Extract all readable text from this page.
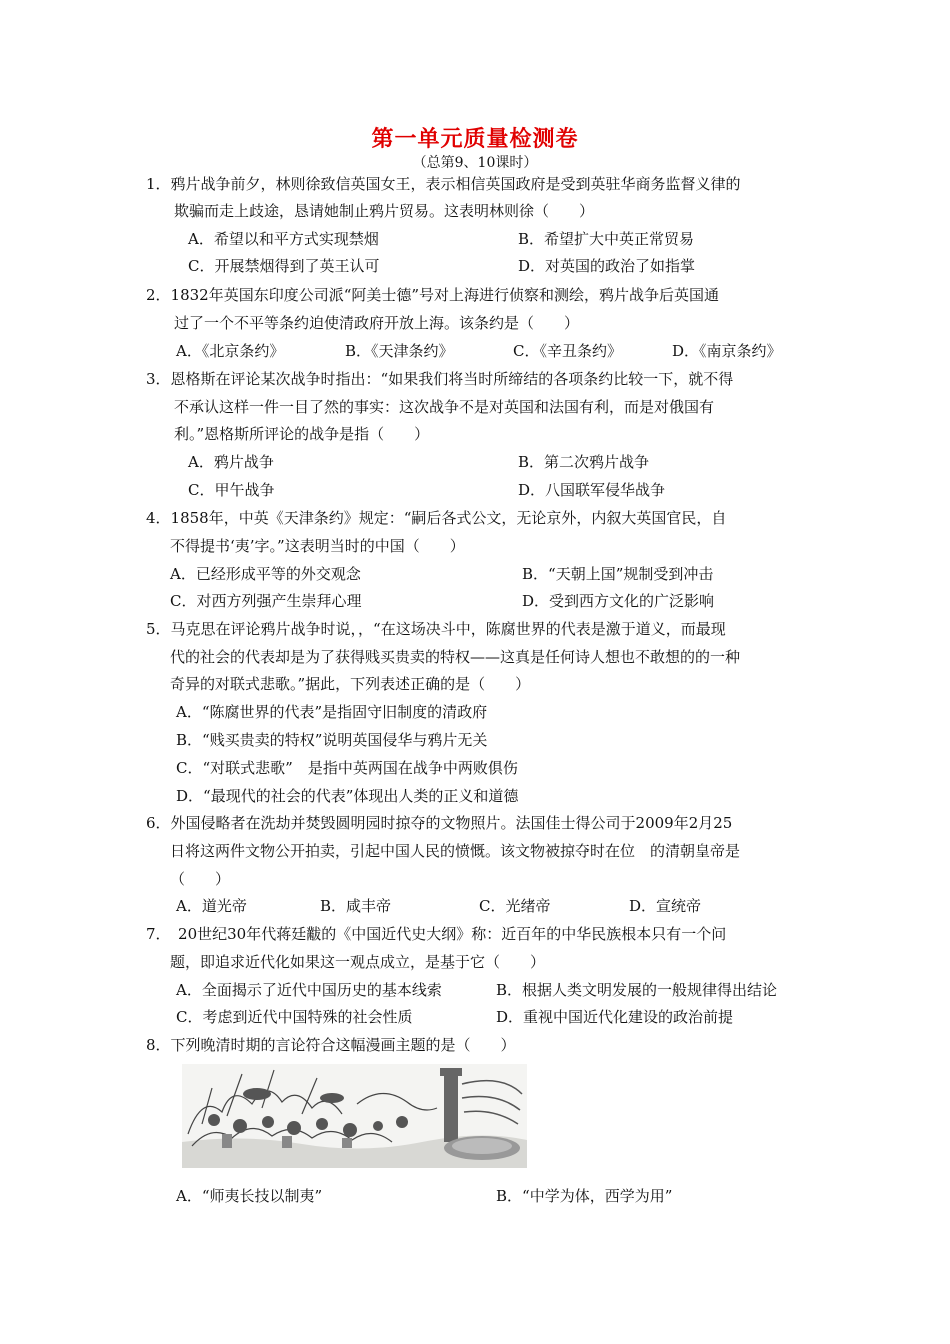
第一单元质量检测卷
（总第9、10课时）
1．鸦片战争前夕，林则徐致信英国女王，表示相信英国政府是受到英驻华商务监督义律的
欺骗而走上歧途，恳请她制止鸦片贸易。这表明林则徐（　　）
A．希望以和平方式实现禁烟	B．希望扩大中英正常贸易
C．开展禁烟得到了英王认可	D．对英国的政治了如指掌
2．1832年英国东印度公司派“阿美士德”号对上海进行侦察和测绘，鸦片战争后英国通
过了一个不平等条约迫使清政府开放上海。该条约是（　　）
A．《北京条约》	B．《天津条约》	C．《辛丑条约》	D．《南京条约》
3．恩格斯在评论某次战争时指出：“如果我们将当时所缔结的各项条约比较一下，就不得
不承认这样一件一目了然的事实：这次战争不是对英国和法国有利，而是对俄国有
利。”恩格斯所评论的战争是指（　　）
A．鸦片战争	B．第二次鸦片战争
C．甲午战争	D．八国联军侵华战争
4．1858年，中英《天津条约》规定：“嗣后各式公文，无论京外，内叙大英国官民，自
不得提书‘夷’字。”这表明当时的中国（　　）
A．已经形成平等的外交观念	B．“天朝上国”规制受到冲击
C．对西方列强产生崇拜心理	D．受到西方文化的广泛影响
5．马克思在评论鸦片战争时说，，“在这场决斗中，陈腐世界的代表是激于道义，而最现
代的社会的代表却是为了获得贱买贵卖的特权——这真是任何诗人想也不敢想的的一种
奇异的对联式悲歌。”据此，下列表述正确的是（　　）
A．“陈腐世界的代表”是指固守旧制度的清政府
B．“贱买贵卖的特权”说明英国侵华与鸦片无关
C．“对联式悲歌”　是指中英两国在战争中两败俱伤
D．“最现代的社会的代表”体现出人类的正义和道德
6．外国侵略者在洗劫并焚毁圆明园时掠夺的文物照片。法国佳士得公司于2009年2月25
日将这两件文物公开拍卖，引起中国人民的愤慨。该文物被掠夺时在位　的清朝皇帝是
（　　）
A．道光帝	B．咸丰帝	C．光绪帝	D．宣统帝
7．　20世纪30年代蒋廷黻的《中国近代史大纲》称：近百年的中华民族根本只有一个问
题，即追求近代化如果这一观点成立，是基于它（　　）
A．全面揭示了近代中国历史的基本线索	B．根据人类文明发展的一般规律得出结论
C．考虑到近代中国特殊的社会性质	D．重视中国近代化建设的政治前提
8．下列晚清时期的言论符合这幅漫画主题的是（　　）
A．“师夷长技以制夷”	B．“中学为体，西学为用”
